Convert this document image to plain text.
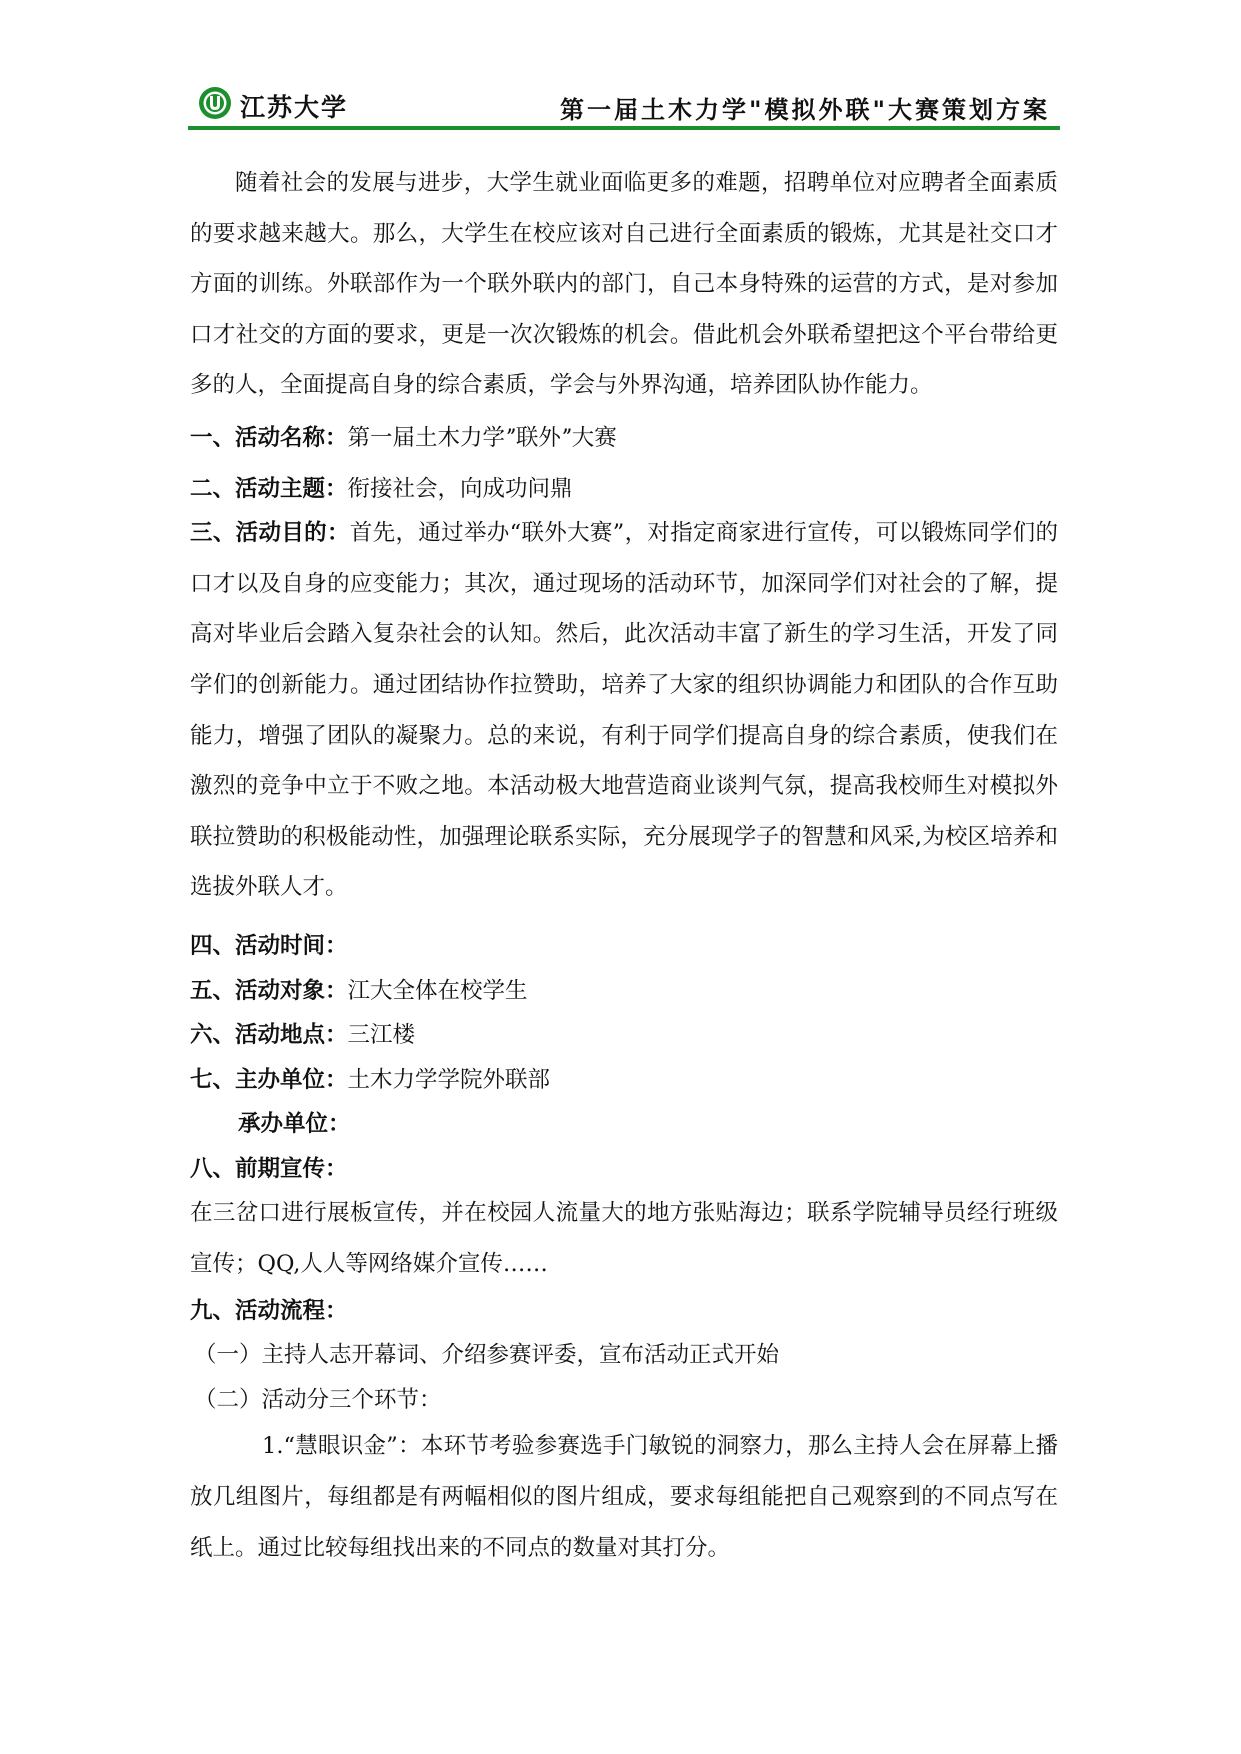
江苏大学	第一届土木力学"模拟外联"大赛策划方案

随着社会的发展与进步，大学生就业面临更多的难题，招聘单位对应聘者全面素质的要求越来越大。那么，大学生在校应该对自己进行全面素质的锻炼，尤其是社交口才方面的训练。外联部作为一个联外联内的部门，自己本身特殊的运营的方式，是对参加口才社交的方面的要求，更是一次次锻炼的机会。借此机会外联希望把这个平台带给更多的人，全面提高自身的综合素质，学会与外界沟通，培养团队协作能力。

一、活动名称：第一届土木力学ˮ联外ˮ大赛

二、活动主题：衔接社会，向成功问鼎

三、活动目的：首先，通过举办“联外大赛”，对指定商家进行宣传，可以锻炼同学们的口才以及自身的应变能力；其次，通过现场的活动环节，加深同学们对社会的了解，提高对毕业后会踏入复杂社会的认知。然后，此次活动丰富了新生的学习生活，开发了同学们的创新能力。通过团结协作拉赞助，培养了大家的组织协调能力和团队的合作互助能力，增强了团队的凝聚力。总的来说，有利于同学们提高自身的综合素质，使我们在激烈的竞争中立于不败之地。本活动极大地营造商业谈判气氛，提高我校师生对模拟外联拉赞助的积极能动性，加强理论联系实际，充分展现学子的智慧和风采,为校区培养和选拔外联人才。

四、活动时间：

五、活动对象：江大全体在校学生

六、活动地点：三江楼

七、主办单位：土木力学学院外联部

承办单位：

八、前期宣传：

在三岔口进行展板宣传，并在校园人流量大的地方张贴海边；联系学院辅导员经行班级宣传；QQ,人人等网络媒介宣传……

九、活动流程：

（一）主持人志开幕词、介绍参赛评委，宣布活动正式开始

（二）活动分三个环节：

1.“慧眼识金”：本环节考验参赛选手门敏锐的洞察力，那么主持人会在屏幕上播放几组图片，每组都是有两幅相似的图片组成，要求每组能把自己观察到的不同点写在纸上。通过比较每组找出来的不同点的数量对其打分。
